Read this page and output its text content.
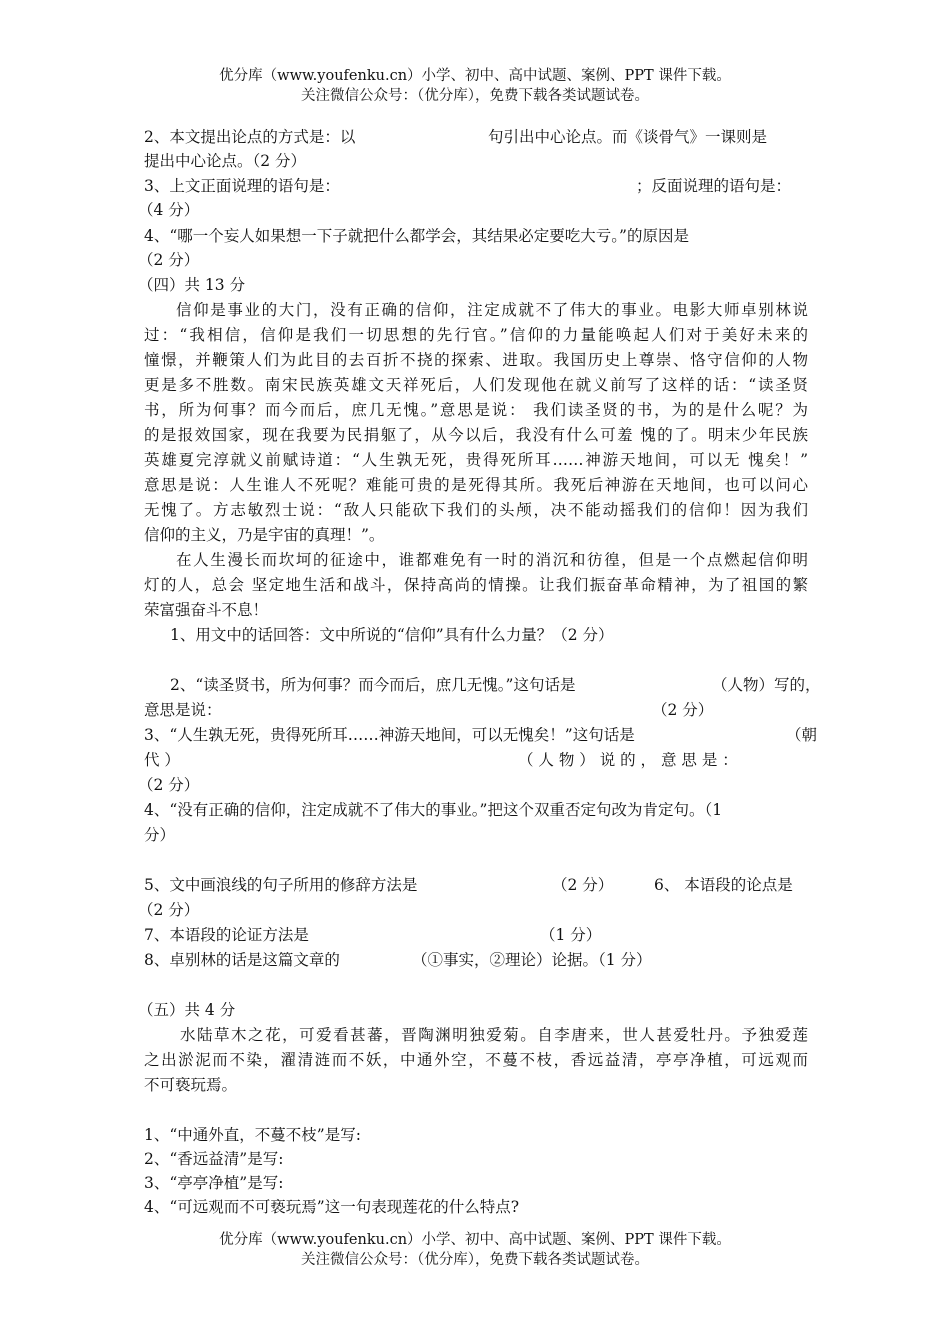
优分库（www.youfenku.cn）小学、初中、高中试题、案例、PPT 课件下载。
关注微信公众号：（优分库），免费下载各类试题试卷。
2、本文提出论点的方式是：以	句引出中心论点。而《谈骨气》一课则是
提出中心论点。（2 分）
3、上文正面说理的语句是：	；反面说理的语句是：
（4 分）
4、“哪一个妄人如果想一下子就把什么都学会，其结果必定要吃大亏。”的原因是
（2 分）
（四）共 13 分
信仰是事业的大门，没有正确的信仰，注定成就不了伟大的事业。电影大师卓别林说
过：“我相信，信仰是我们一切思想的先行官。”信仰的力量能唤起人们对于美好未来的
憧憬，并鞭策人们为此目的去百折不挠的探索、进取。我国历史上尊崇、恪守信仰的人物
更是多不胜数。南宋民族英雄文天祥死后，人们发现他在就义前写了这样的话：“读圣贤
书，所为何事？而今而后，庶几无愧。”意思是说： 我们读圣贤的书，为的是什么呢？为
的是报效国家，现在我要为民捐躯了，从今以后，我没有什么可羞 愧的了。明末少年民族
英雄夏完淳就义前赋诗道：“人生孰无死，贵得死所耳……神游天地间，可以无 愧矣！”
意思是说：人生谁人不死呢？难能可贵的是死得其所。我死后神游在天地间，也可以问心
无愧了。方志敏烈士说：“敌人只能砍下我们的头颅，决不能动摇我们的信仰！因为我们
信仰的主义，乃是宇宙的真理！”。
在人生漫长而坎坷的征途中，谁都难免有一时的消沉和彷徨，但是一个点燃起信仰明
灯的人，总会 坚定地生活和战斗，保持高尚的情操。让我们振奋革命精神，为了祖国的繁
荣富强奋斗不息！
1、用文中的话回答：文中所说的“信仰”具有什么力量？（2 分）
2、“读圣贤书，所为何事？而今而后，庶几无愧。”这句话是	（人物）写的，
意思是说：	（2 分）
3、“人生孰无死，贵得死所耳……神游天地间，可以无愧矣！”这句话是	（朝
代 ）	（ 人 物 ） 说 的 ， 意 思 是 ：
（2 分）
4、“没有正确的信仰，注定成就不了伟大的事业。”把这个双重否定句改为肯定句。（1
分）
5、文中画浪线的句子所用的修辞方法是	（2 分）	6、 本语段的论点是
（2 分）
7、本语段的论证方法是	（1 分）
8、卓别林的话是这篇文章的	（①事实，②理论）论据。（1 分）
（五）共 4 分
水陆草木之花，可爱看甚蕃，晋陶渊明独爱菊。自李唐来，世人甚爱牡丹。予独爱莲
之出淤泥而不染，濯清涟而不妖，中通外空，不蔓不枝，香远益清，亭亭净植，可远观而
不可亵玩焉。
1、“中通外直，不蔓不枝”是写:
2、“香远益清”是写:
3、“亭亭净植”是写:
4、“可远观而不可亵玩焉”这一句表现莲花的什么特点?
优分库（www.youfenku.cn）小学、初中、高中试题、案例、PPT 课件下载。
关注微信公众号：（优分库），免费下载各类试题试卷。
